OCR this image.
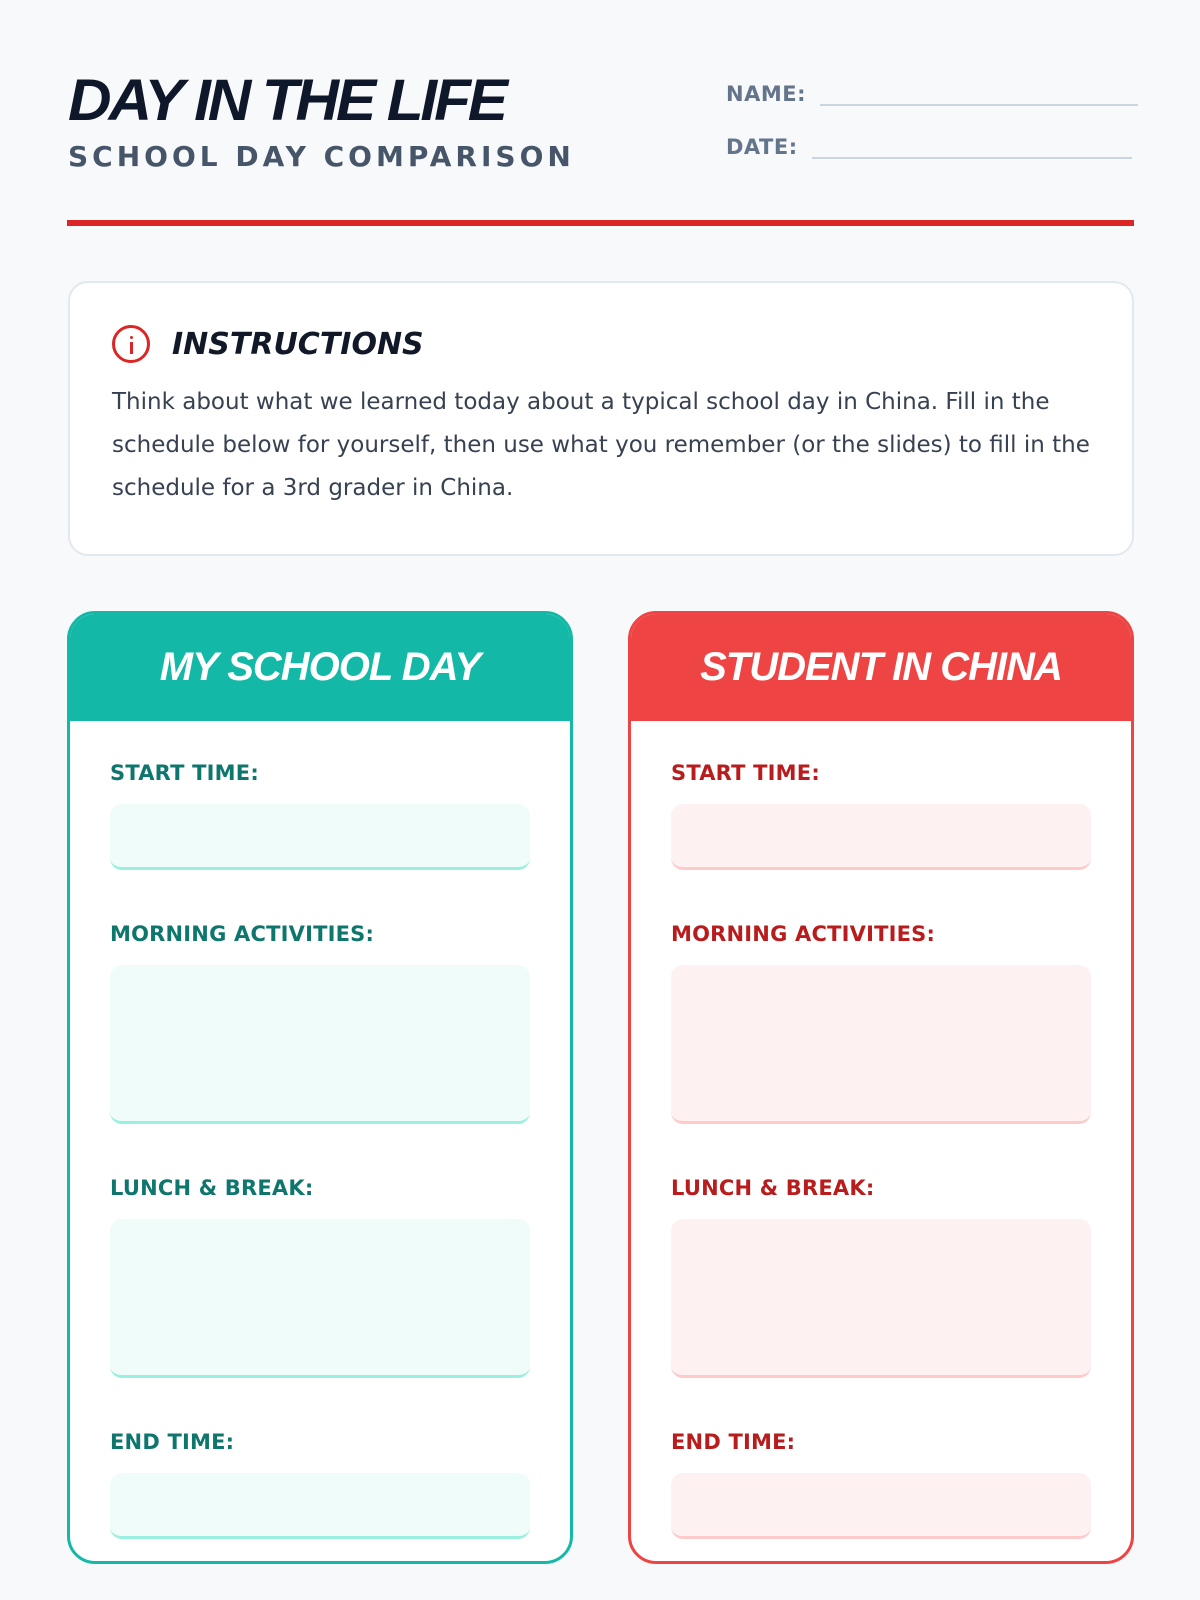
DAY IN THE LIFE
SCHOOL DAY COMPARISON
NAME:
DATE:
INSTRUCTIONS

Think about what we learned today about a typical school day in China. Fill in the schedule below for yourself, then use what you remember (or the slides) to fill in the schedule for a 3rd grader in China.

MY SCHOOL DAY
START TIME:
MORNING ACTIVITIES:
LUNCH & BREAK:
END TIME:
STUDENT IN CHINA
START TIME:
MORNING ACTIVITIES:
LUNCH & BREAK:
END TIME:
